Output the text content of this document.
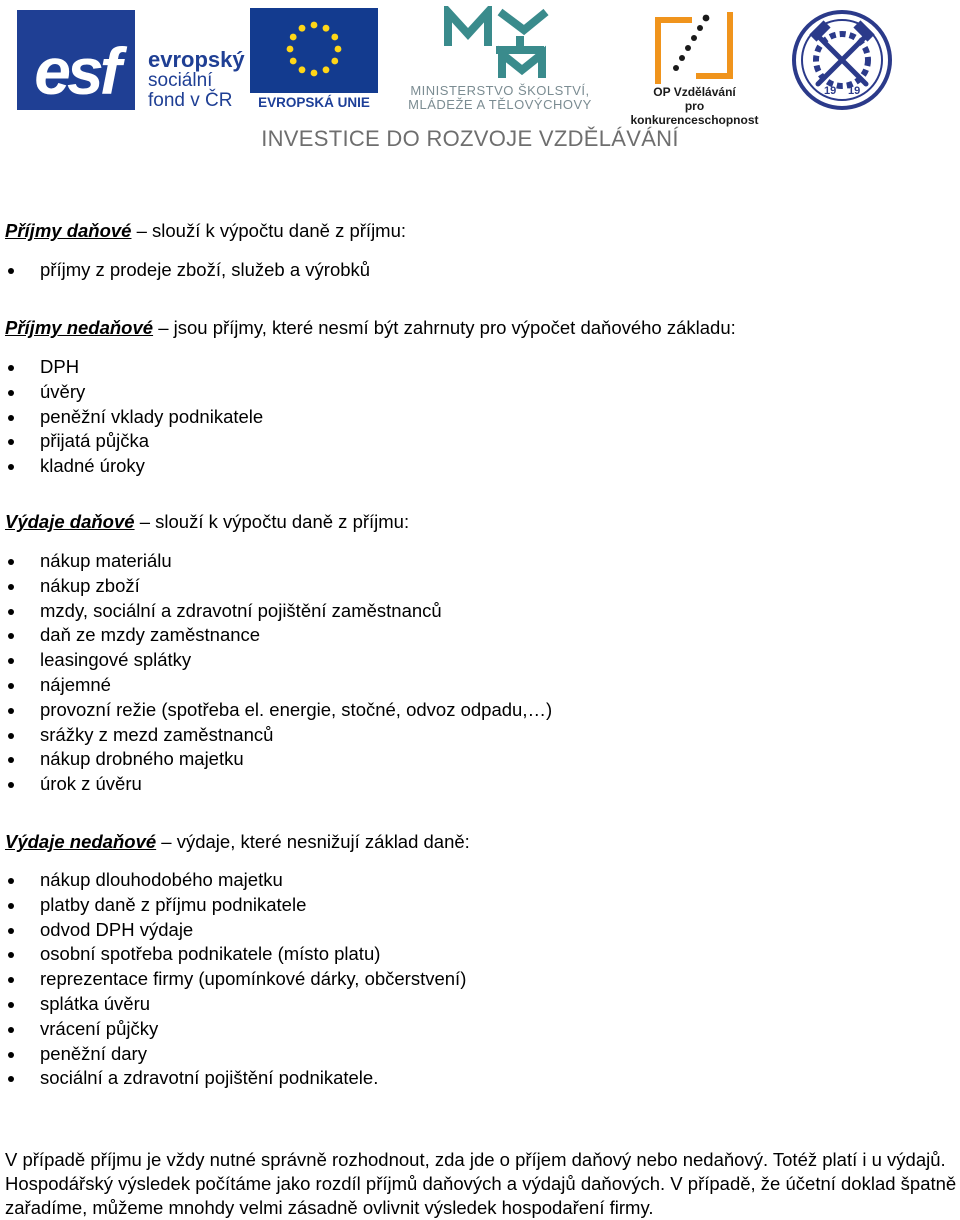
esf	evropský
sociální
fond v ČR	EVROPSKÁ UNIE
MINISTERSTVO ŠKOLSTVÍ,
MLÁDEŽE A TĚLOVÝCHOVY
OP Vzdělávání
pro konkurenceschopnost
19 19
INVESTICE DO ROZVOJE VZDĚLÁVÁNÍ
Příjmy daňové – slouží k výpočtu daně z příjmu:
příjmy z prodeje zboží, služeb a výrobků
Příjmy nedaňové – jsou příjmy, které nesmí být zahrnuty pro výpočet daňového základu:
DPH
úvěry
peněžní vklady podnikatele
přijatá půjčka
kladné úroky
Výdaje daňové – slouží k výpočtu daně z příjmu:
nákup materiálu
nákup zboží
mzdy, sociální a zdravotní pojištění zaměstnanců
daň ze mzdy zaměstnance
leasingové splátky
nájemné
provozní režie (spotřeba el. energie, stočné, odvoz odpadu,…)
srážky z mezd zaměstnanců
nákup drobného majetku
úrok z úvěru
Výdaje nedaňové – výdaje, které nesnižují základ daně:
nákup dlouhodobého majetku
platby daně z příjmu podnikatele
odvod DPH výdaje
osobní spotřeba podnikatele (místo platu)
reprezentace firmy (upomínkové dárky, občerstvení)
splátka úvěru
vrácení půjčky
peněžní dary
sociální a zdravotní pojištění podnikatele.
V případě příjmu je vždy nutné správně rozhodnout, zda jde o příjem daňový nebo nedaňový. Totéž platí i u výdajů. Hospodářský výsledek počítáme jako rozdíl příjmů daňových a výdajů daňových. V případě, že účetní doklad špatně zařadíme, můžeme mnohdy velmi zásadně ovlivnit výsledek hospodaření firmy.
